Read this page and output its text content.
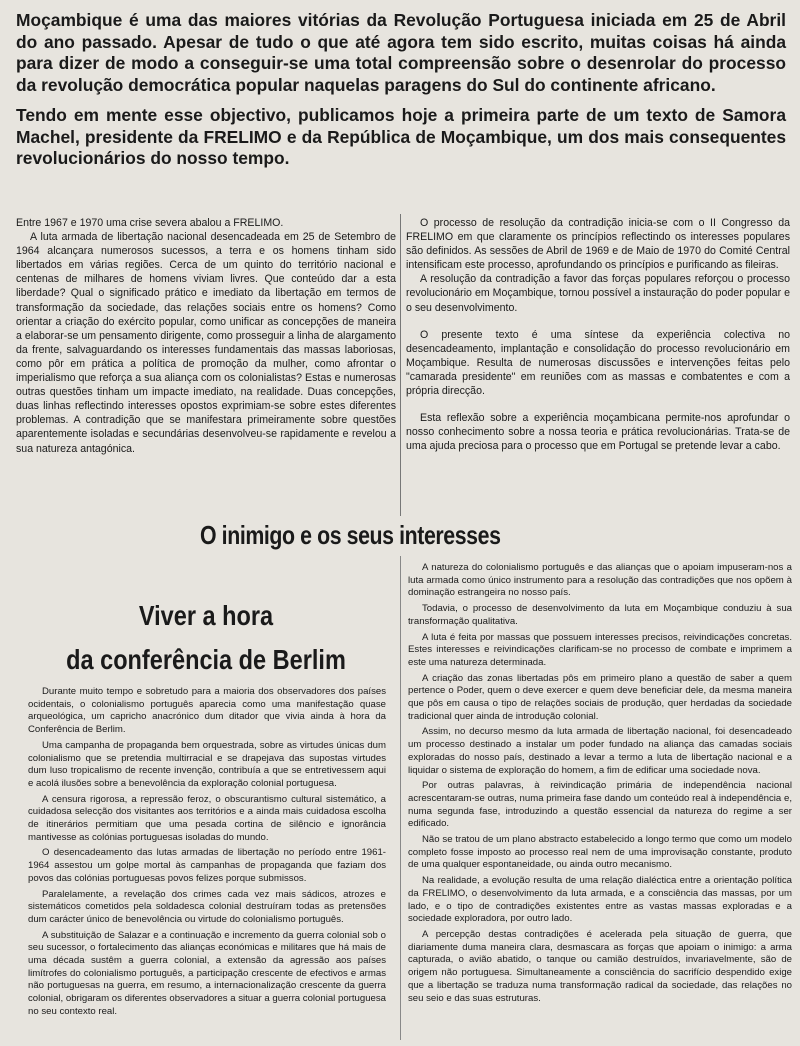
Moçambique é uma das maiores vitórias da Revolução Portuguesa iniciada em 25 de Abril do ano passado. Apesar de tudo o que até agora tem sido escrito, muitas coisas há ainda para dizer de modo a conseguir-se uma total compreensão sobre o desenrolar do processo da revolução democrática popular naquelas paragens do Sul do continente africano.

Tendo em mente esse objectivo, publicamos hoje a primeira parte de um texto de Samora Machel, presidente da FRELIMO e da República de Moçambique, um dos mais consequentes revolucionários do nosso tempo.

Entre 1967 e 1970 uma crise severa abalou a FRELIMO.

A luta armada de libertação nacional desencadeada em 25 de Setembro de 1964 alcançara numerosos sucessos, a terra e os homens tinham sido libertados em várias regiões. Cerca de um quinto do território nacional e centenas de milhares de homens viviam livres. Que conteúdo dar a esta liberdade? Qual o significado prático e imediato da libertação em termos de transformação da sociedade, das relações sociais entre os homens? Como orientar a criação do exército popular, como unificar as concepções de maneira a elaborar-se um pensamento dirigente, como prosseguir a linha de alargamento da frente, salvaguardando os interesses fundamentais das massas laboriosas, como pôr em prática a política de promoção da mulher, como afrontar o imperialismo que reforça a sua aliança com os colonialistas? Estas e numerosas outras questões tinham um impacte imediato, na realidade. Duas concepções, duas linhas reflectindo interesses opostos exprimiam-se sobre estes diferentes problemas. A contradição que se manifestara primeiramente sobre questões aparentemente isoladas e secundárias desenvolveu-se rapidamente e revelou a sua natureza antagónica.

O processo de resolução da contradição inicia-se com o II Congresso da FRELIMO em que claramente os princípios reflectindo os interesses populares são definidos. As sessões de Abril de 1969 e de Maio de 1970 do Comité Central intensificam este processo, aprofundando os princípios e purificando as fileiras.

A resolução da contradição a favor das forças populares reforçou o processo revolucionário em Moçambique, tornou possível a instauração do poder popular e o seu desenvolvimento.

O presente texto é uma síntese da experiência colectiva no desencadeamento, implantação e consolidação do processo revolucionário em Moçambique. Resulta de numerosas discussões e intervenções feitas pelo "camarada presidente" em reuniões com as massas e combatentes e com a própria direcção.

Esta reflexão sobre a experiência moçambicana permite-nos aprofundar o nosso conhecimento sobre a nossa teoria e prática revolucionárias. Trata-se de uma ajuda preciosa para o processo que em Portugal se pretende levar a cabo.

O inimigo e os seus interesses
Viver a hora
da conferência de Berlim

Durante muito tempo e sobretudo para a maioria dos observadores dos países ocidentais, o colonialismo português aparecia como uma manifestação quase arqueológica, um capricho anacrónico dum ditador que vivia ainda à hora da Conferência de Berlim.

Uma campanha de propaganda bem orquestrada, sobre as virtudes únicas dum colonialismo que se pretendia multirracial e se drapejava das supostas virtudes dum luso tropicalismo de recente invenção, contribuía a que se entretivessem aqui e acolá ilusões sobre a benevolência da exploração colonial portuguesa.

A censura rigorosa, a repressão feroz, o obscurantismo cultural sistemático, a cuidadosa selecção dos visitantes aos territórios e a ainda mais cuidadosa escolha de itinerários permitiam que uma pesada cortina de silêncio e ignorância mantivesse as colónias portuguesas isoladas do mundo.

O desencadeamento das lutas armadas de libertação no período entre 1961-1964 assestou um golpe mortal às campanhas de propaganda que faziam dos povos das colónias portuguesas povos felizes porque submissos.

Paralelamente, a revelação dos crimes cada vez mais sádicos, atrozes e sistemáticos cometidos pela soldadesca colonial destruíram todas as pretensões dum carácter único de benevolência ou virtude do colonialismo português.

A substituição de Salazar e a continuação e incremento da guerra colonial sob o seu sucessor, o fortalecimento das alianças económicas e militares que há mais de uma década sustêm a guerra colonial, a extensão da agressão aos países limítrofes do colonialismo português, a participação crescente de efectivos e armas não portuguesas na guerra, em resumo, a internacionalização crescente da guerra colonial, obrigaram os diferentes observadores a situar a guerra colonial portuguesa no seu contexto real.

A natureza do colonialismo português e das alianças que o apoiam impuseram-nos a luta armada como único instrumento para a resolução das contradições que nos opõem à dominação estrangeira no nosso país.

Todavia, o processo de desenvolvimento da luta em Moçambique conduziu à sua transformação qualitativa.

A luta é feita por massas que possuem interesses precisos, reivindicações concretas. Estes interesses e reivindicações clarificam-se no processo de combate e imprimem a este uma natureza determinada.

A criação das zonas libertadas pôs em primeiro plano a questão de saber a quem pertence o Poder, quem o deve exercer e quem deve beneficiar dele, da mesma maneira que pôs em causa o tipo de relações sociais de produção, quer herdadas da sociedade tradicional quer ainda de introdução colonial.

Assim, no decurso mesmo da luta armada de libertação nacional, foi desencadeado um processo destinado a instalar um poder fundado na aliança das camadas sociais exploradas do nosso país, destinado a levar a termo a luta de libertação nacional e a liquidar o sistema de exploração do homem, a fim de edificar uma sociedade nova.

Por outras palavras, à reivindicação primária de independência nacional acrescentaram-se outras, numa primeira fase dando um conteúdo real à independência e, numa segunda fase, introduzindo a questão essencial da natureza do regime a ser edificado.

Não se tratou de um plano abstracto estabelecido a longo termo que como um modelo completo fosse imposto ao processo real nem de uma improvisação constante, produto de uma qualquer espontaneidade, ou ainda outro mecanismo.

Na realidade, a evolução resulta de uma relação dialéctica entre a orientação política da FRELIMO, o desenvolvimento da luta armada, e a consciência das massas, por um lado, e o tipo de contradições existentes entre as vastas massas exploradas e a sociedade exploradora, por outro lado.

A percepção destas contradições é acelerada pela situação de guerra, que diariamente duma maneira clara, desmascara as forças que apoiam o inimigo: a arma capturada, o avião abatido, o tanque ou camião destruídos, invariavelmente, são de origem não portuguesa. Simultaneamente a consciência do sacrifício despendido exige que a libertação se traduza numa transformação radical da sociedade, das relações no seu seio e das suas estruturas.
